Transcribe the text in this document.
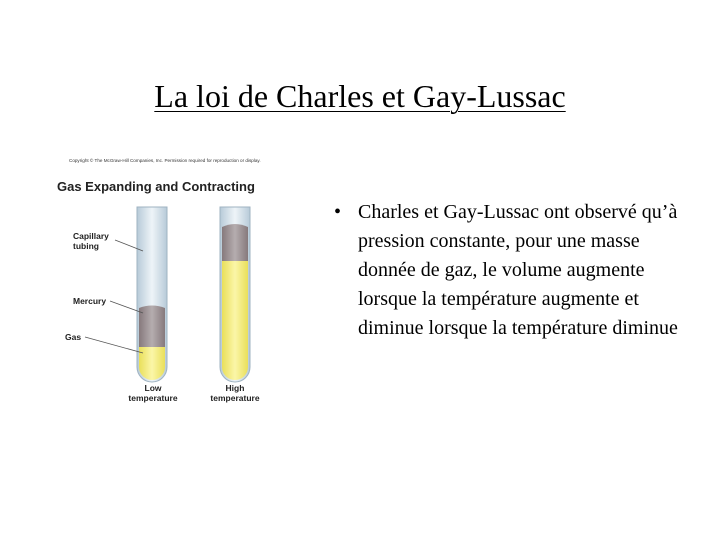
La loi de Charles et Gay-Lussac
Copyright © The McGraw-Hill Companies, Inc. Permission required for reproduction or display.
Gas Expanding and Contracting
Capillary tubing
Mercury
Gas
Low temperature
High temperature
• Charles et Gay-Lussac ont observé qu’à pression constante, pour une masse donnée de gaz, le volume augmente lorsque la température augmente et diminue lorsque la température diminue
